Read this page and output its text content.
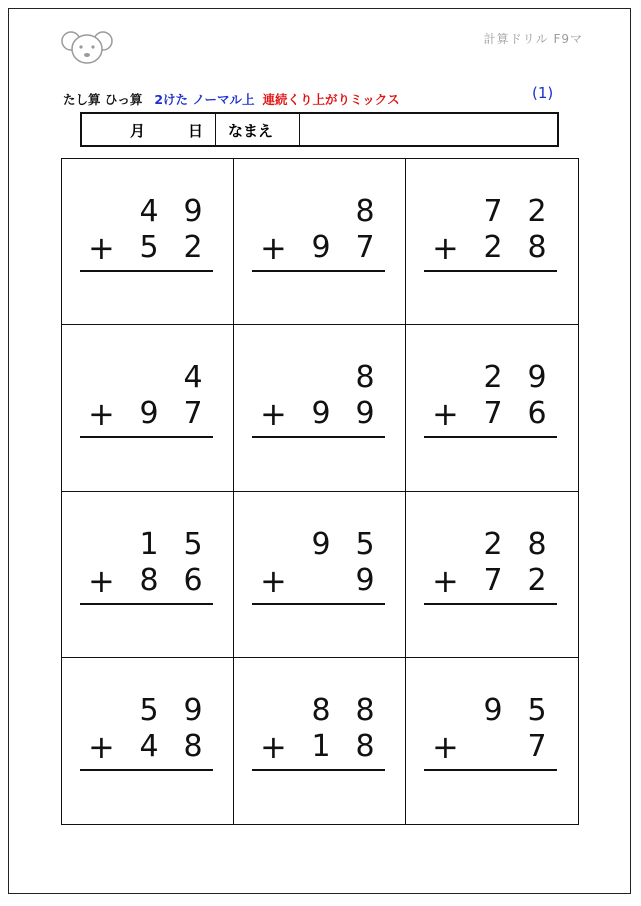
計算ドリル F9マ
たし算 ひっ算 2けた ノーマル上 連続くり上がりミックス	(1)
月	日	なまえ
4 9
+ 5 2
8
+ 9 7
7 2
+ 2 8
4
+ 9 7
8
+ 9 9
2 9
+ 7 6
1 5
+ 8 6
9 5
+ 9
2 8
+ 7 2
5 9
+ 4 8
8 8
+ 1 8
9 5
+ 7
